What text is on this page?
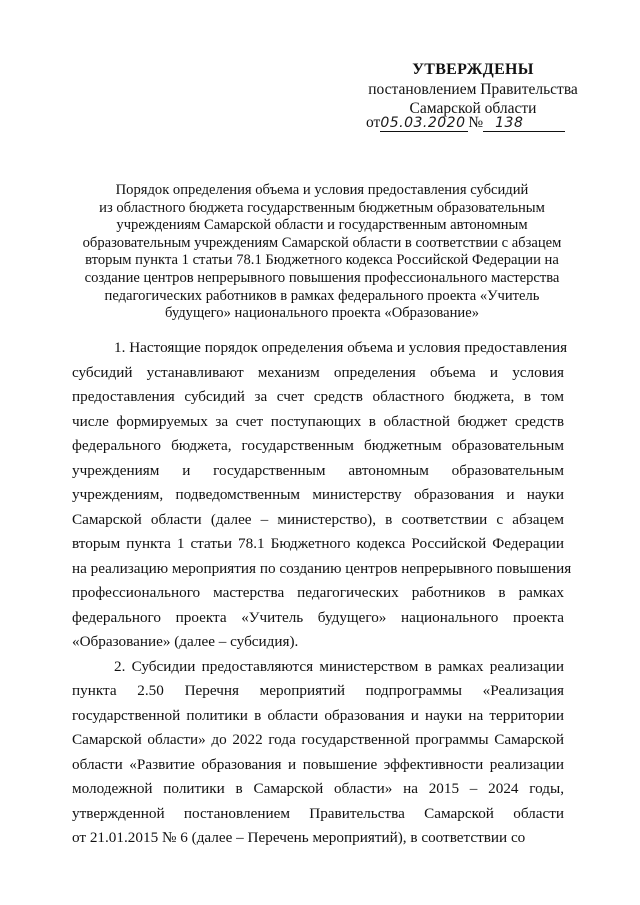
УТВЕРЖДЕНЫ
постановлением Правительства
Самарской области
от05.03.2020 № 138
Порядок определения объема и условия предоставления субсидий
из областного бюджета государственным бюджетным образовательным
учреждениям Самарской области и государственным автономным
образовательным учреждениям Самарской области в соответствии с абзацем
вторым пункта 1 статьи 78.1 Бюджетного кодекса Российской Федерации на
создание центров непрерывного повышения профессионального мастерства
педагогических работников в рамках федерального проекта «Учитель
будущего» национального проекта «Образование»
1. Настоящие порядок определения объема и условия предоставления
субсидий устанавливают механизм определения объема и условия
предоставления субсидий за счет средств областного бюджета, в том
числе формируемых за счет поступающих в областной бюджет средств
федерального бюджета, государственным бюджетным образовательным
учреждениям и государственным автономным образовательным
учреждениям, подведомственным министерству образования и науки
Самарской области (далее – министерство), в соответствии с абзацем
вторым пункта 1 статьи 78.1 Бюджетного кодекса Российской Федерации
на реализацию мероприятия по созданию центров непрерывного повышения
профессионального мастерства педагогических работников в рамках
федерального проекта «Учитель будущего» национального проекта
«Образование» (далее – субсидия).
2. Субсидии предоставляются министерством в рамках реализации
пункта 2.50 Перечня мероприятий подпрограммы «Реализация
государственной политики в области образования и науки на территории
Самарской области» до 2022 года государственной программы Самарской
области «Развитие образования и повышение эффективности реализации
молодежной политики в Самарской области» на 2015 – 2024 годы,
утвержденной постановлением Правительства Самарской области
от 21.01.2015 № 6 (далее – Перечень мероприятий), в соответствии со
